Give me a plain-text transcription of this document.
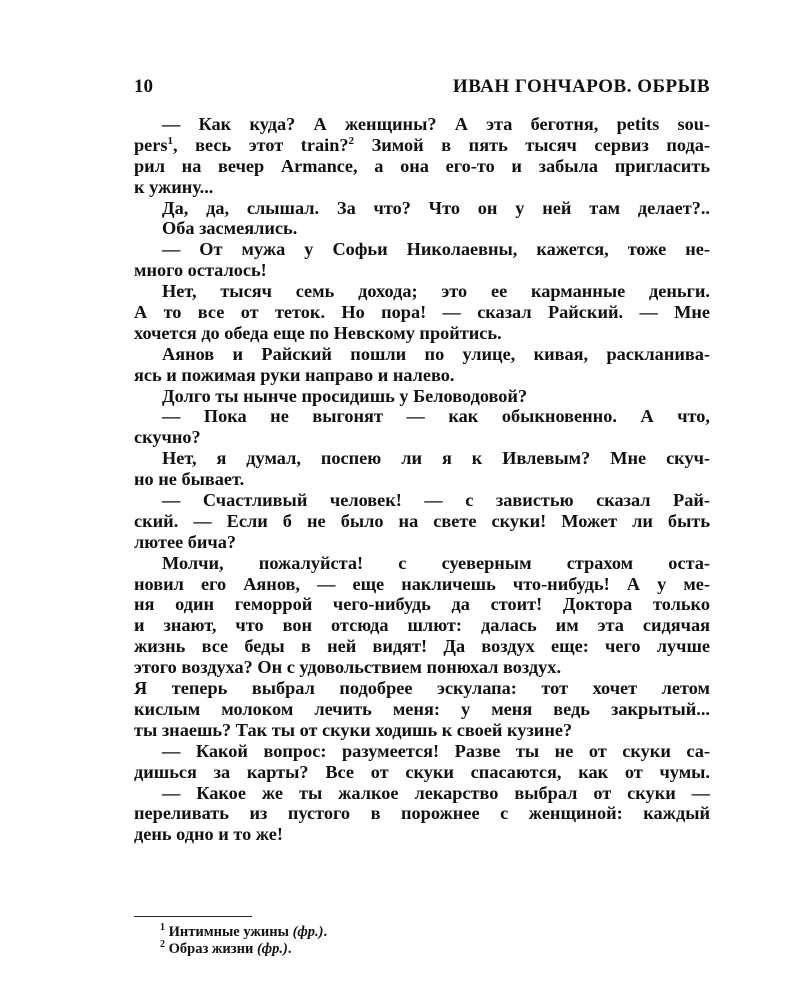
10	ИВАН ГОНЧАРОВ. ОБРЫВ
— Как куда? А женщины? А эта беготня, petits sou-
pers$^1$, весь этот train?$^2$ Зимой в пять тысяч сервиз пода-
рил на вечер Armance, а она его-то и забыла пригласить
к ужину...
Да, да, слышал. За что? Что он у ней там делает?..
Оба засмеялись.
— От мужа у Софьи Николаевны, кажется, тоже не-
много осталось!
Нет, тысяч семь дохода; это ее карманные деньги.
А то все от теток. Но пора! — сказал Райский. — Мне
хочется до обеда еще по Невскому пройтись.
Аянов и Райский пошли по улице, кивая, раскланива-
ясь и пожимая руки направо и налево.
Долго ты нынче просидишь у Беловодовой?
— Пока не выгонят — как обыкновенно. А что,
скучно?
Нет, я думал, поспею ли я к Ивлевым? Мне скуч-
но не бывает.
— Счастливый человек! — с завистью сказал Рай-
ский. — Если б не было на свете скуки! Может ли быть
лютее бича?
Молчи, пожалуйста! с суеверным страхом оста-
новил его Аянов, — еще накличешь что-нибудь! А у ме-
ня один геморрой чего-нибудь да стоит! Доктора только
и знают, что вон отсюда шлют: далась им эта сидячая
жизнь все беды в ней видят! Да воздух еще: чего лучше
этого воздуха? Он с удовольствием понюхал воздух.
Я теперь выбрал подобрее эскулапа: тот хочет летом
кислым молоком лечить меня: у меня ведь закрытый...
ты знаешь? Так ты от скуки ходишь к своей кузине?
— Какой вопрос: разумеется! Разве ты не от скуки са-
дишься за карты? Все от скуки спасаются, как от чумы.
— Какое же ты жалкое лекарство выбрал от скуки —
переливать из пустого в порожнее с женщиной: каждый
день одно и то же!
$^1$ Интимные ужины (фр.).
$^2$ Образ жизни (фр.).
